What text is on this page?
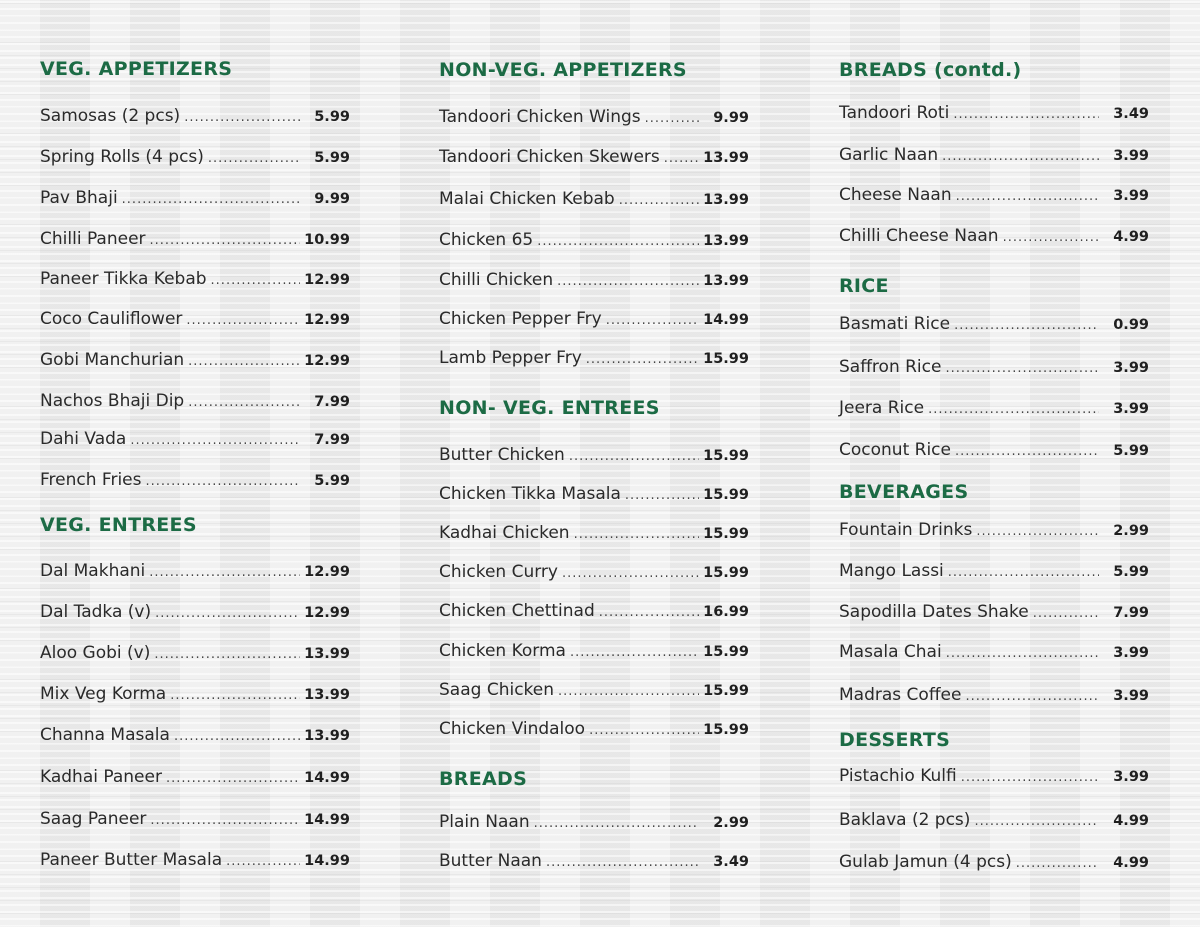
VEG. APPETIZERS
Samosas (2 pcs) .....	5.99
Spring Rolls (4 pcs) .....	5.99
Pav Bhaji .....	9.99
Chilli Paneer .....	10.99
Paneer Tikka Kebab .....	12.99
Coco Cauliflower .....	12.99
Gobi Manchurian .....	12.99
Nachos Bhaji Dip .....	7.99
Dahi Vada .....	7.99
French Fries .....	5.99
VEG. ENTREES
Dal Makhani .....	12.99
Dal Tadka (v) .....	12.99
Aloo Gobi (v) .....	13.99
Mix Veg Korma .....	13.99
Channa Masala .....	13.99
Kadhai Paneer .....	14.99
Saag Paneer .....	14.99
Paneer Butter Masala .....	14.99
NON-VEG. APPETIZERS
Tandoori Chicken Wings .....	9.99
Tandoori Chicken Skewers .....	13.99
Malai Chicken Kebab .....	13.99
Chicken 65 .....	13.99
Chilli Chicken .....	13.99
Chicken Pepper Fry .....	14.99
Lamb Pepper Fry .....	15.99
NON- VEG. ENTREES
Butter Chicken .....	15.99
Chicken Tikka Masala .....	15.99
Kadhai Chicken .....	15.99
Chicken Curry .....	15.99
Chicken Chettinad .....	16.99
Chicken Korma .....	15.99
Saag Chicken .....	15.99
Chicken Vindaloo .....	15.99
BREADS
Plain Naan .....	2.99
Butter Naan .....	3.49
BREADS (contd.)
Tandoori Roti .....	3.49
Garlic Naan .....	3.99
Cheese Naan .....	3.99
Chilli Cheese Naan .....	4.99
RICE
Basmati Rice .....	0.99
Saffron Rice .....	3.99
Jeera Rice .....	3.99
Coconut Rice .....	5.99
BEVERAGES
Fountain Drinks .....	2.99
Mango Lassi .....	5.99
Sapodilla Dates Shake .....	7.99
Masala Chai .....	3.99
Madras Coffee .....	3.99
DESSERTS
Pistachio Kulfi .....	3.99
Baklava (2 pcs) .....	4.99
Gulab Jamun (4 pcs) .....	4.99
